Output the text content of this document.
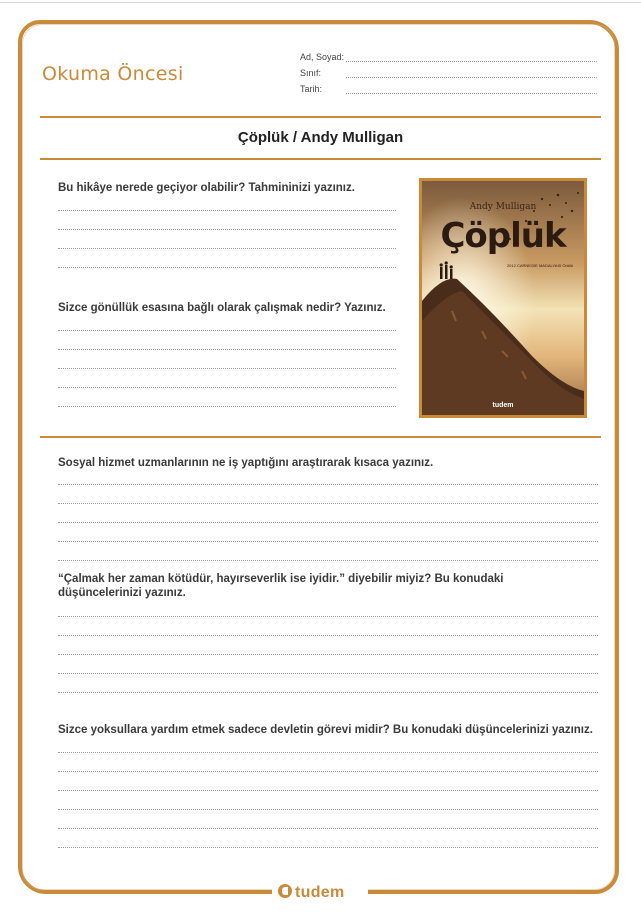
Okuma Öncesi
Ad, Soyad:
Sınıf:
Tarih:
Çöplük / Andy Mulligan
Bu hikâye nerede geçiyor olabilir? Tahmininizi yazınız.
Sizce gönüllük esasına bağlı olarak çalışmak nedir? Yazınız.
Andy Mulligan
Çöplük
2012 CARNEGIE MADALYASI Ödülü
tudem
Sosyal hizmet uzmanlarının ne iş yaptığını araştırarak kısaca yazınız.
“Çalmak her zaman kötüdür, hayırseverlik ise iyidir.” diyebilir miyiz? Bu konudaki düşüncelerinizi yazınız.
Sizce yoksullara yardım etmek sadece devletin görevi midir? Bu konudaki düşüncelerinizi yazınız.
tudem
